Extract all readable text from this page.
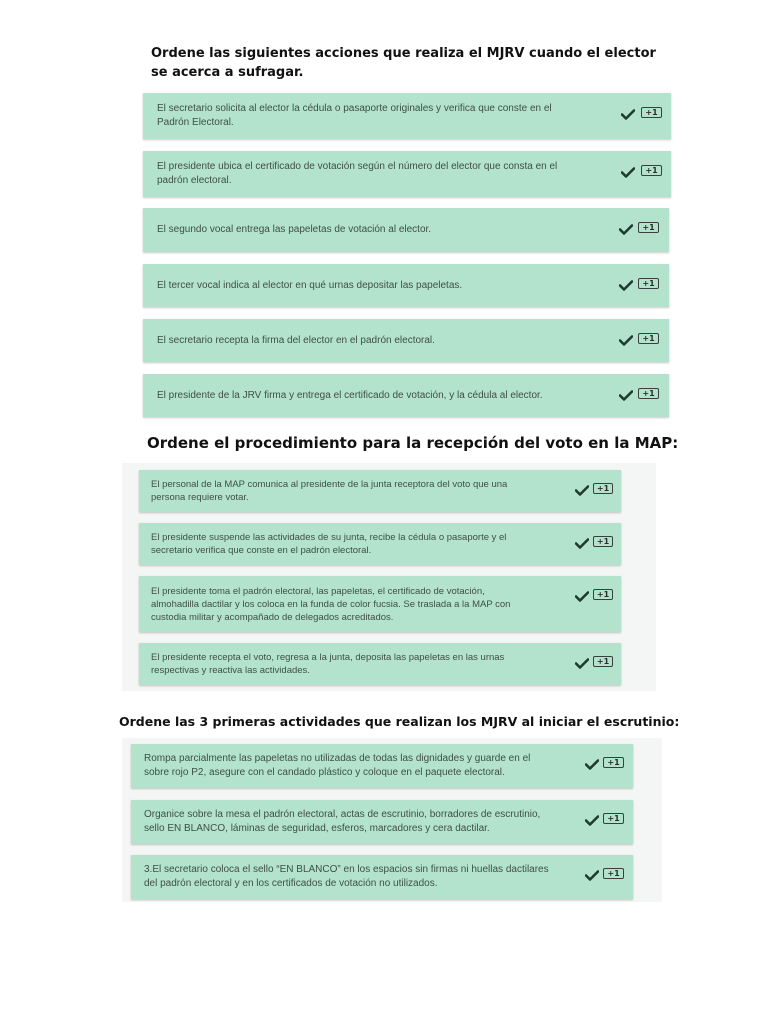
Ordene las siguientes acciones que realiza el MJRV cuando el elector se acerca a sufragar.
El secretario solicita al elector la cédula o pasaporte originales y verifica que conste en el Padrón Electoral.
+1
El presidente ubica el certificado de votación según el número del elector que consta en el padrón electoral.
+1
El segundo vocal entrega las papeletas de votación al elector.	+1
El tercer vocal indica al elector en qué urnas depositar las papeletas.	+1
El secretario recepta la firma del elector en el padrón electoral.	+1
El presidente de la JRV firma y entrega el certificado de votación, y la cédula al elector.	+1
Ordene el procedimiento para la recepción del voto en la MAP:
El personal de la MAP comunica al presidente de la junta receptora del voto que una persona requiere votar.
+1
El presidente suspende las actividades de su junta, recibe la cédula o pasaporte y el secretario verifica que conste en el padrón electoral.
+1
El presidente toma el padrón electoral, las papeletas, el certificado de votación, almohadilla dactilar y los coloca en la funda de color fucsia. Se traslada a la MAP con custodia militar y acompañado de delegados acreditados.
+1
El presidente recepta el voto, regresa a la junta, deposita las papeletas en las urnas respectivas y reactiva las actividades.
+1
Ordene las 3 primeras actividades que realizan los MJRV al iniciar el escrutinio:
Rompa parcialmente las papeletas no utilizadas de todas las dignidades y guarde en el sobre rojo P2, asegure con el candado plástico y coloque en el paquete electoral.
+1
Organice sobre la mesa el padrón electoral, actas de escrutinio, borradores de escrutinio, sello EN BLANCO, láminas de seguridad, esferos, marcadores y cera dactilar.
+1
3.El secretario coloca el sello “EN BLANCO” en los espacios sin firmas ni huellas dactilares del padrón electoral y en los certificados de votación no utilizados.
+1
